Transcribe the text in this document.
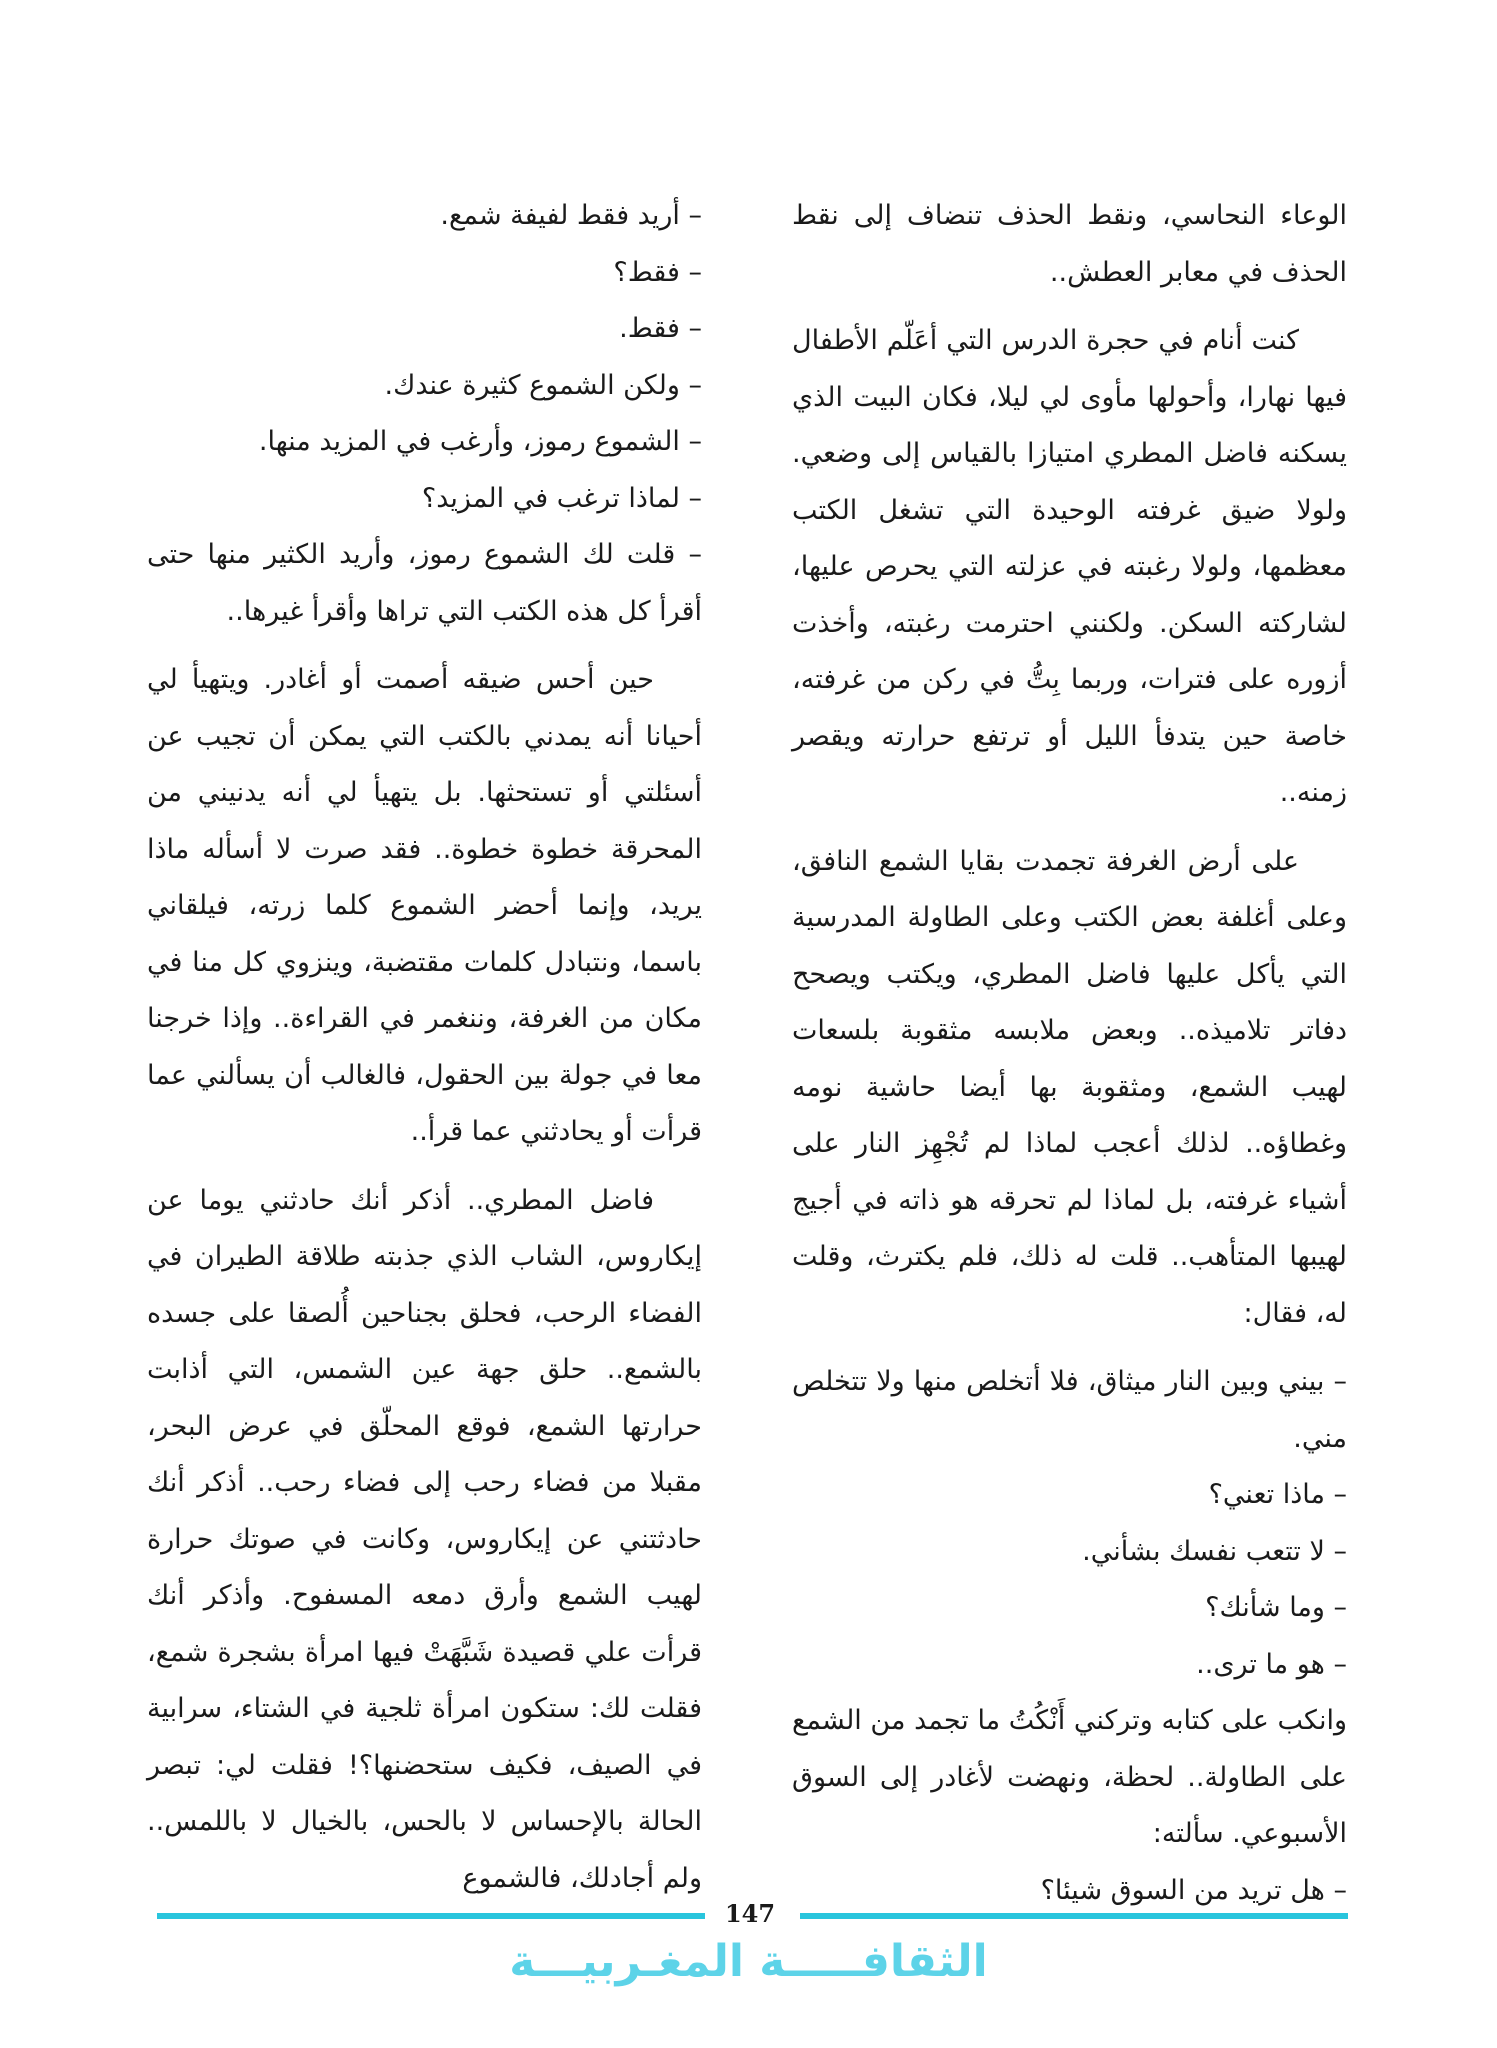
الوعاء النحاسي، ونقط الحذف تنضاف إلى نقط الحذف في معابر العطش..

كنت أنام في حجرة الدرس التي أعَلّم الأطفال فيها نهارا، وأحولها مأوى لي ليلا، فكان البيت الذي يسكنه فاضل المطري امتيازا بالقياس إلى وضعي. ولولا ضيق غرفته الوحيدة التي تشغل الكتب معظمها، ولولا رغبته في عزلته التي يحرص عليها، لشاركته السكن. ولكنني احترمت رغبته، وأخذت أزوره على فترات، وربما بِتُّ في ركن من غرفته، خاصة حين يتدفأ الليل أو ترتفع حرارته ويقصر زمنه..

على أرض الغرفة تجمدت بقايا الشمع النافق، وعلى أغلفة بعض الكتب وعلى الطاولة المدرسية التي يأكل عليها فاضل المطري، ويكتب ويصحح دفاتر تلاميذه.. وبعض ملابسه مثقوبة بلسعات لهيب الشمع، ومثقوبة بها أيضا حاشية نومه وغطاؤه.. لذلك أعجب لماذا لم تُجْهِز النار على أشياء غرفته، بل لماذا لم تحرقه هو ذاته في أجيج لهيبها المتأهب.. قلت له ذلك، فلم يكترث، وقلت له، فقال:

– بيني وبين النار ميثاق، فلا أتخلص منها ولا تتخلص مني.

– ماذا تعني؟

– لا تتعب نفسك بشأني.

– وما شأنك؟

– هو ما ترى..

وانكب على كتابه وتركني أَنْكُتُ ما تجمد من الشمع على الطاولة.. لحظة، ونهضت لأغادر إلى السوق الأسبوعي. سألته:

– هل تريد من السوق شيئا؟

– أريد فقط لفيفة شمع.

– فقط؟

– فقط.

– ولكن الشموع كثيرة عندك.

– الشموع رموز، وأرغب في المزيد منها.

– لماذا ترغب في المزيد؟

– قلت لك الشموع رموز، وأريد الكثير منها حتى أقرأ كل هذه الكتب التي تراها وأقرأ غيرها..

حين أحس ضيقه أصمت أو أغادر. ويتهيأ لي أحيانا أنه يمدني بالكتب التي يمكن أن تجيب عن أسئلتي أو تستحثها. بل يتهيأ لي أنه يدنيني من المحرقة خطوة خطوة.. فقد صرت لا أسأله ماذا يريد، وإنما أحضر الشموع كلما زرته، فيلقاني باسما، ونتبادل كلمات مقتضبة، وينزوي كل منا في مكان من الغرفة، وننغمر في القراءة.. وإذا خرجنا معا في جولة بين الحقول، فالغالب أن يسألني عما قرأت أو يحادثني عما قرأ..

فاضل المطري.. أذكر أنك حادثني يوما عن إيكاروس، الشاب الذي جذبته طلاقة الطيران في الفضاء الرحب، فحلق بجناحين أُلصقا على جسده بالشمع.. حلق جهة عين الشمس، التي أذابت حرارتها الشمع، فوقع المحلّق في عرض البحر، مقبلا من فضاء رحب إلى فضاء رحب.. أذكر أنك حادثتني عن إيكاروس، وكانت في صوتك حرارة لهيب الشمع وأرق دمعه المسفوح. وأذكر أنك قرأت علي قصيدة شَبَّهَتْ فيها امرأة بشجرة شمع، فقلت لك: ستكون امرأة ثلجية في الشتاء، سرابية في الصيف، فكيف ستحضنها؟! فقلت لي: تبصر الحالة بالإحساس لا بالحس، بالخيال لا باللمس.. ولم أجادلك، فالشموع

147
الثقافـــــة المغـربيـــة
